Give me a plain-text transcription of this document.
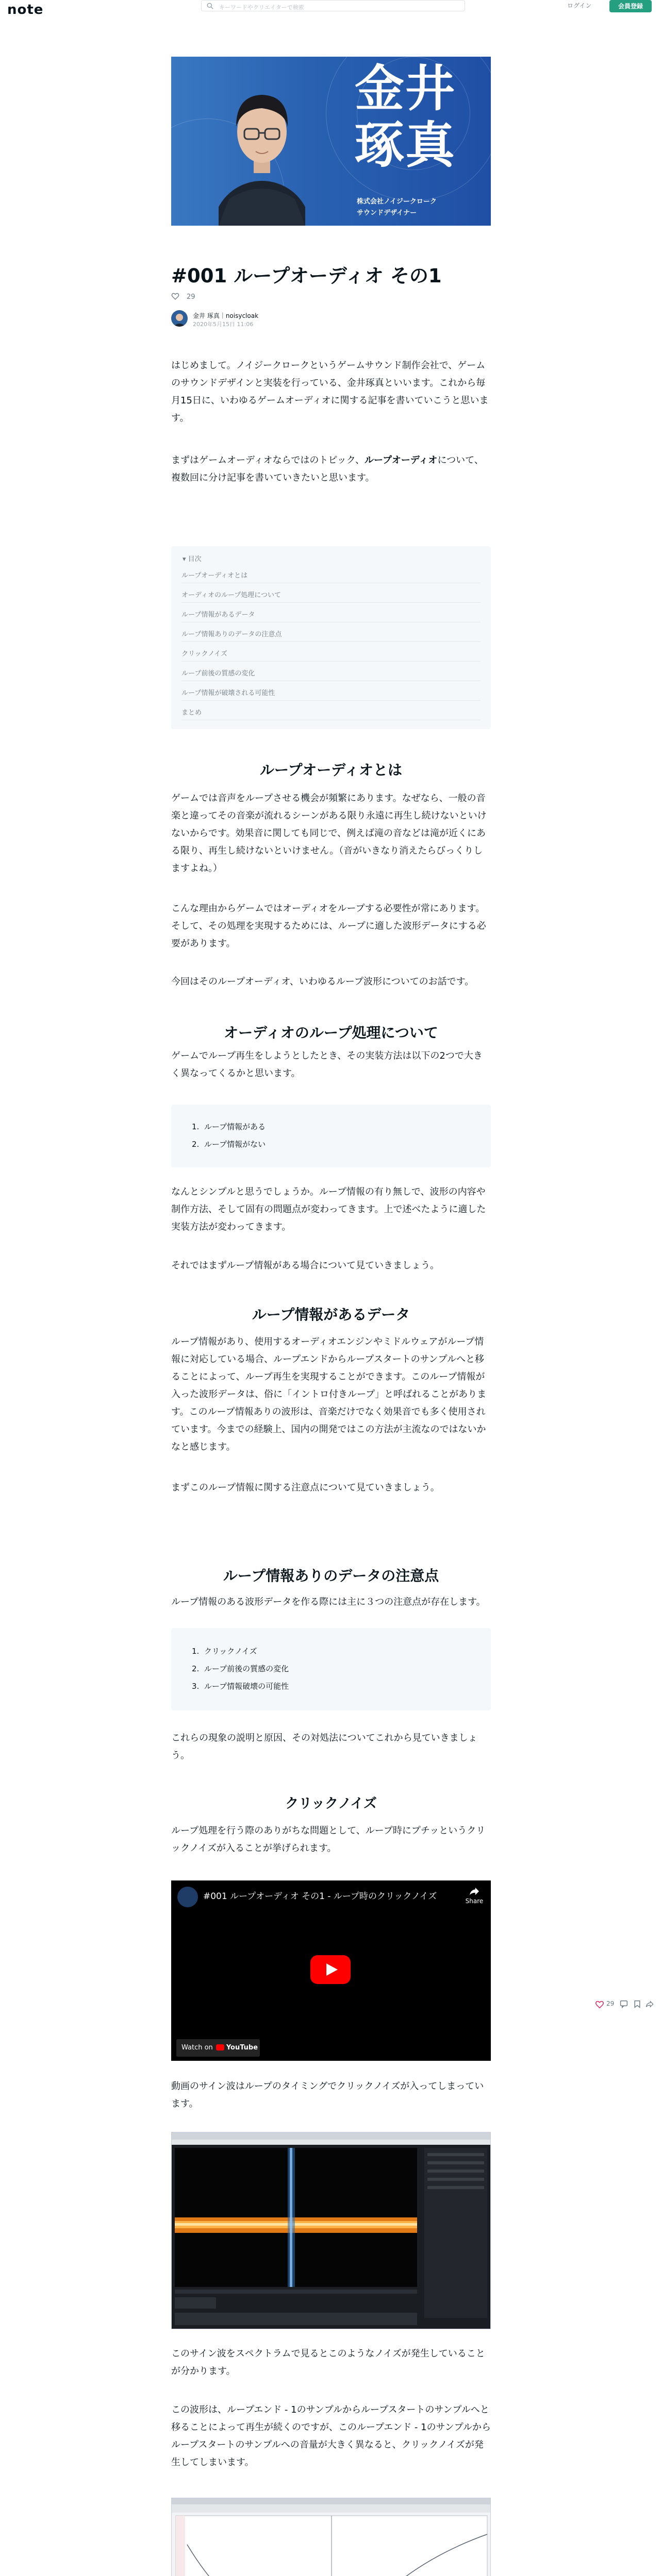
note	キーワードやクリエイターで検索	ログイン	会員登録
金井
琢真
株式会社ノイジークローク
サウンドデザイナー
#001 ループオーディオ その1
29
金井 琢真｜noisycloak
2020年5月15日 11:06
はじめまして。ノイジークロークというゲームサウンド制作会社で、ゲームのサウンドデザインと実装を行っている、金井琢真といいます。これから毎月15日に、いわゆるゲームオーディオに関する記事を書いていこうと思います。
まずはゲームオーディオならではのトピック、ループオーディオについて、複数回に分け記事を書いていきたいと思います。
▾ 目次
ループオーディオとは
オーディオのループ処理について
ループ情報があるデータ
ループ情報ありのデータの注意点
クリックノイズ
ループ前後の質感の変化
ループ情報が破壊される可能性
まとめ
ループオーディオとは
ゲームでは音声をループさせる機会が頻繁にあります。なぜなら、一般の音楽と違ってその音楽が流れるシーンがある限り永遠に再生し続けないといけないからです。効果音に関しても同じで、例えば滝の音などは滝が近くにある限り、再生し続けないといけません。（音がいきなり消えたらびっくりしますよね。）
こんな理由からゲームではオーディオをループする必要性が常にあります。そして、その処理を実現するためには、ループに適した波形データにする必要があります。
今回はそのループオーディオ、いわゆるループ波形についてのお話です。
オーディオのループ処理について
ゲームでループ再生をしようとしたとき、その実装方法は以下の2つで大きく異なってくるかと思います。
1.  ループ情報がある
2.  ループ情報がない
なんとシンプルと思うでしょうか。ループ情報の有り無しで、波形の内容や制作方法、そして固有の問題点が変わってきます。上で述べたように適した実装方法が変わってきます。
それではまずループ情報がある場合について見ていきましょう。
ループ情報があるデータ
ループ情報があり、使用するオーディオエンジンやミドルウェアがループ情報に対応している場合、ループエンドからループスタートのサンプルへと移ることによって、ループ再生を実現することができます。このループ情報が入った波形データは、俗に「イントロ付きループ」と呼ばれることがあります。このループ情報ありの波形は、音楽だけでなく効果音でも多く使用されています。今までの経験上、国内の開発ではこの方法が主流なのではないかなと感じます。
まずこのループ情報に関する注意点について見ていきましょう。
ループ情報ありのデータの注意点
ループ情報のある波形データを作る際には主に３つの注意点が存在します。
1.  クリックノイズ
2.  ループ前後の質感の変化
3.  ループ情報破壊の可能性
これらの現象の説明と原因、その対処法についてこれから見ていきましょう。
クリックノイズ
ループ処理を行う際のありがちな問題として、ループ時にプチッというクリックノイズが入ることが挙げられます。
#001 ループオーディオ その1 - ループ時のクリックノイズ	Share
Watch on YouTube
動画のサイン波はループのタイミングでクリックノイズが入ってしまっています。
このサイン波をスペクトラムで見るとこのようなノイズが発生していることが分かります。
この波形は、ループエンド - 1のサンプルからループスタートのサンプルへと移ることによって再生が続くのですが、このループエンド - 1のサンプルからループスタートのサンプルへの音量が大きく異なると、クリックノイズが発生してしまいます。
29
